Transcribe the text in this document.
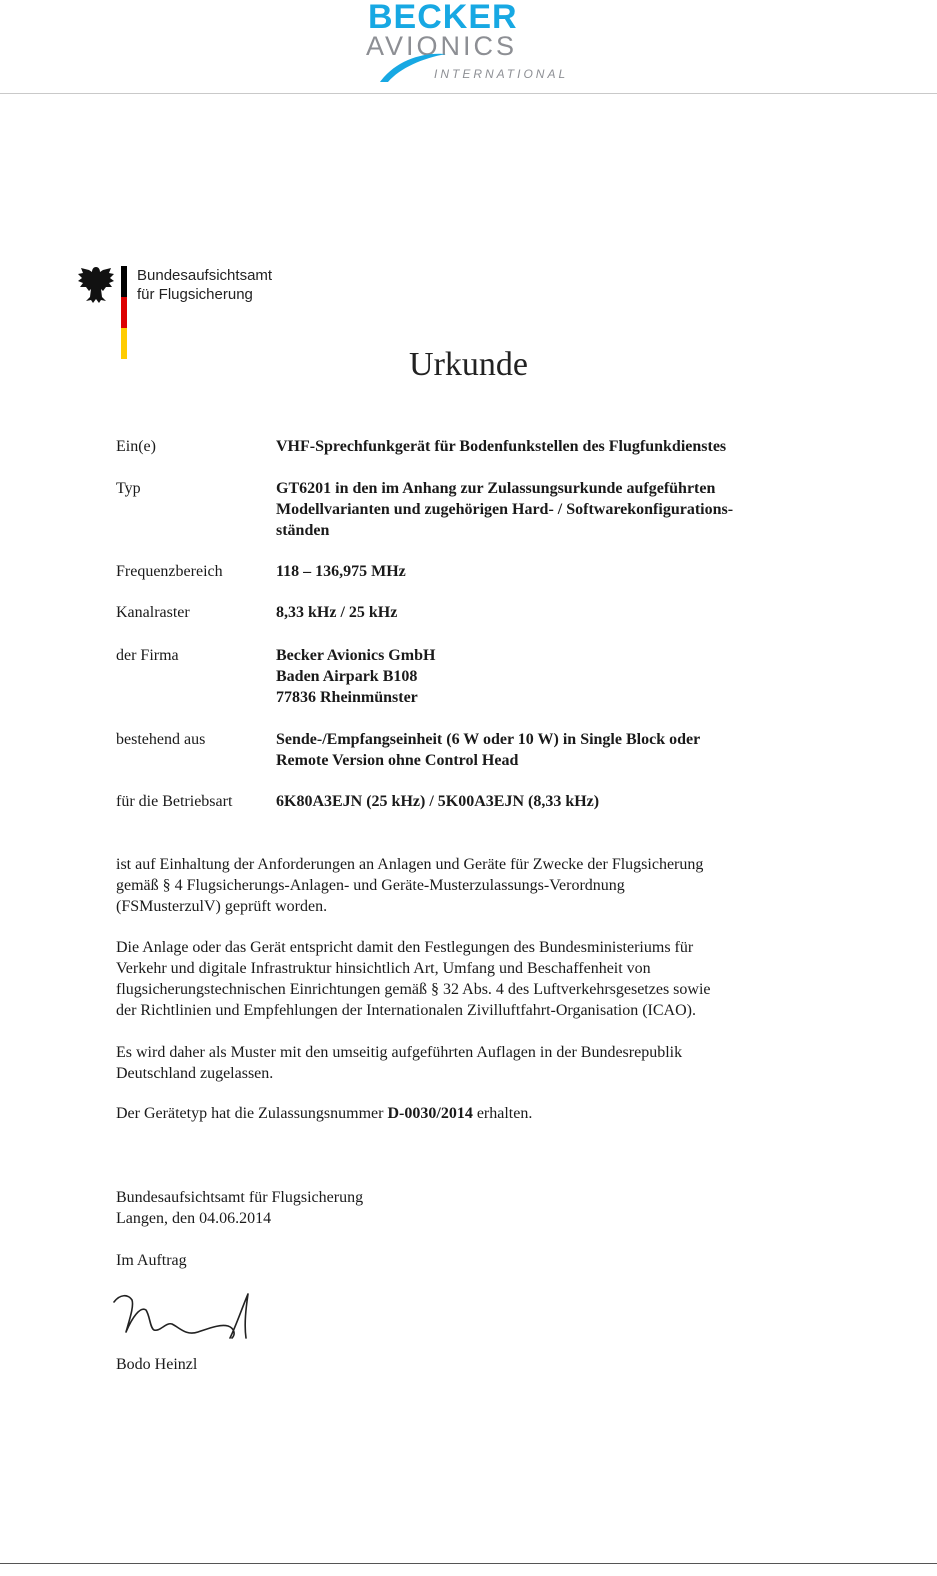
BECKER
AVIONICS
INTERNATIONAL
Bundesaufsichtsamt
für Flugsicherung
Urkunde
Ein(e)	VHF-Sprechfunkgerät für Bodenfunkstellen des Flugfunkdienstes
Typ	GT6201 in den im Anhang zur Zulassungsurkunde aufgeführten
Modellvarianten und zugehörigen Hard- / Softwarekonfigurations-
ständen
Frequenzbereich	118 – 136,975 MHz
Kanalraster	8,33 kHz / 25 kHz
der Firma	Becker Avionics GmbH
Baden Airpark B108
77836 Rheinmünster
bestehend aus	Sende-/Empfangseinheit (6 W oder 10 W) in Single Block oder
Remote Version ohne Control Head
für die Betriebsart	6K80A3EJN (25 kHz) / 5K00A3EJN (8,33 kHz)
ist auf Einhaltung der Anforderungen an Anlagen und Geräte für Zwecke der Flugsicherung
gemäß § 4 Flugsicherungs-Anlagen- und Geräte-Musterzulassungs-Verordnung
(FSMusterzulV) geprüft worden.
Die Anlage oder das Gerät entspricht damit den Festlegungen des Bundesministeriums für
Verkehr und digitale Infrastruktur hinsichtlich Art, Umfang und Beschaffenheit von
flugsicherungstechnischen Einrichtungen gemäß § 32 Abs. 4 des Luftverkehrsgesetzes sowie
der Richtlinien und Empfehlungen der Internationalen Zivilluftfahrt-Organisation (ICAO).
Es wird daher als Muster mit den umseitig aufgeführten Auflagen in der Bundesrepublik
Deutschland zugelassen.
Der Gerätetyp hat die Zulassungsnummer D-0030/2014 erhalten.
Bundesaufsichtsamt für Flugsicherung
Langen, den 04.06.2014
Im Auftrag
Bodo Heinzl
